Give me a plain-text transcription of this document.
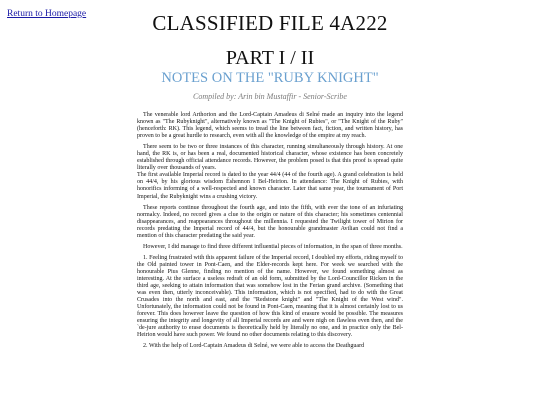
Return to Homepage	CLASSIFIED FILE 4A222
PART I / II
NOTES ON THE "RUBY KNIGHT"
Compiled by: Arin bin Mustaffir - Senior-Scribe

The venerable lord Arthorion and the Lord-Captain Amadeus di Selné made an inquiry into the legend known as "The Rubyknight", alternatively known as "The Knight of Rubies", or "The Knight of the Ruby" (henceforth: RK). This legend, which seems to tread the line between fact, fiction, and written history, has proven to be a great hurdle to research, even with all the knowledge of the empire at my reach.

There seem to be two or three instances of this character, running simultaneously through history. At one hand, the RK is, or has been a real, documented historical character, whose existence has been concretely established through official attendance records. However, the problem posed is that this proof is spread quite literally over thousands of years.

The first available Imperial record is dated to the year 44/4 (44 of the fourth age). A grand celebration is held on 44/4, by his glorious wisdom Éshennon I Bel-Heirion. In attendance: The Knight of Rubies, with honorifics informing of a well-respected and known character. Later that same year, the tournament of Port Imperial, the Rubyknight wins a crushing victory.

These reports continue throughout the fourth age, and into the fifth, with ever the tone of an infuriating normalcy. Indeed, no record gives a clue to the origin or nature of this character; his sometimes centennial disappearances, and reappearances throughout the millennia. I requested the Twilight tower of Mirion for records predating the Imperial record of 44/4, but the honourable grandmaster Avilian could not find a mention of this character predating the said year.

However, I did manage to find three different influential pieces of information, in the span of three months.

1. Feeling frustrated with this apparent failure of the Imperial record, I doubled my efforts, riding myself to the Old painted tower in Pont-Caen, and the Elder-records kept here. For week we searched with the honourable Pius Glenne, finding no mention of the name. However, we found something almost as interesting. At the surface a useless redraft of an old form, submitted by the Lord-Councillor Ricken in the third age, seeking to attain information that was somehow lost in the Ferian grand archive. (Something that was even then, utterly inconceivable). This information, which is not specified, had to do with the Great Crusades into the north and east, and the "Redstone knight" and "The Knight of the West wind". Unfortunately, the information could not be found in Pont-Caen, meaning that it is almost certainly lost to us forever. This does however leave the question of how this kind of erasure would be possible. The measures ensuring the integrity and longevity of all Imperial records are and were nigh on flawless even then, and the `de-jure authority to erase documents is theoretically held by literally no one, and in practice only the Bel-Heirion would have such power. We found no other documents relating to this discovery.

2. With the help of Lord-Captain Amadeus di Selné, we were able to access the Deathguard
